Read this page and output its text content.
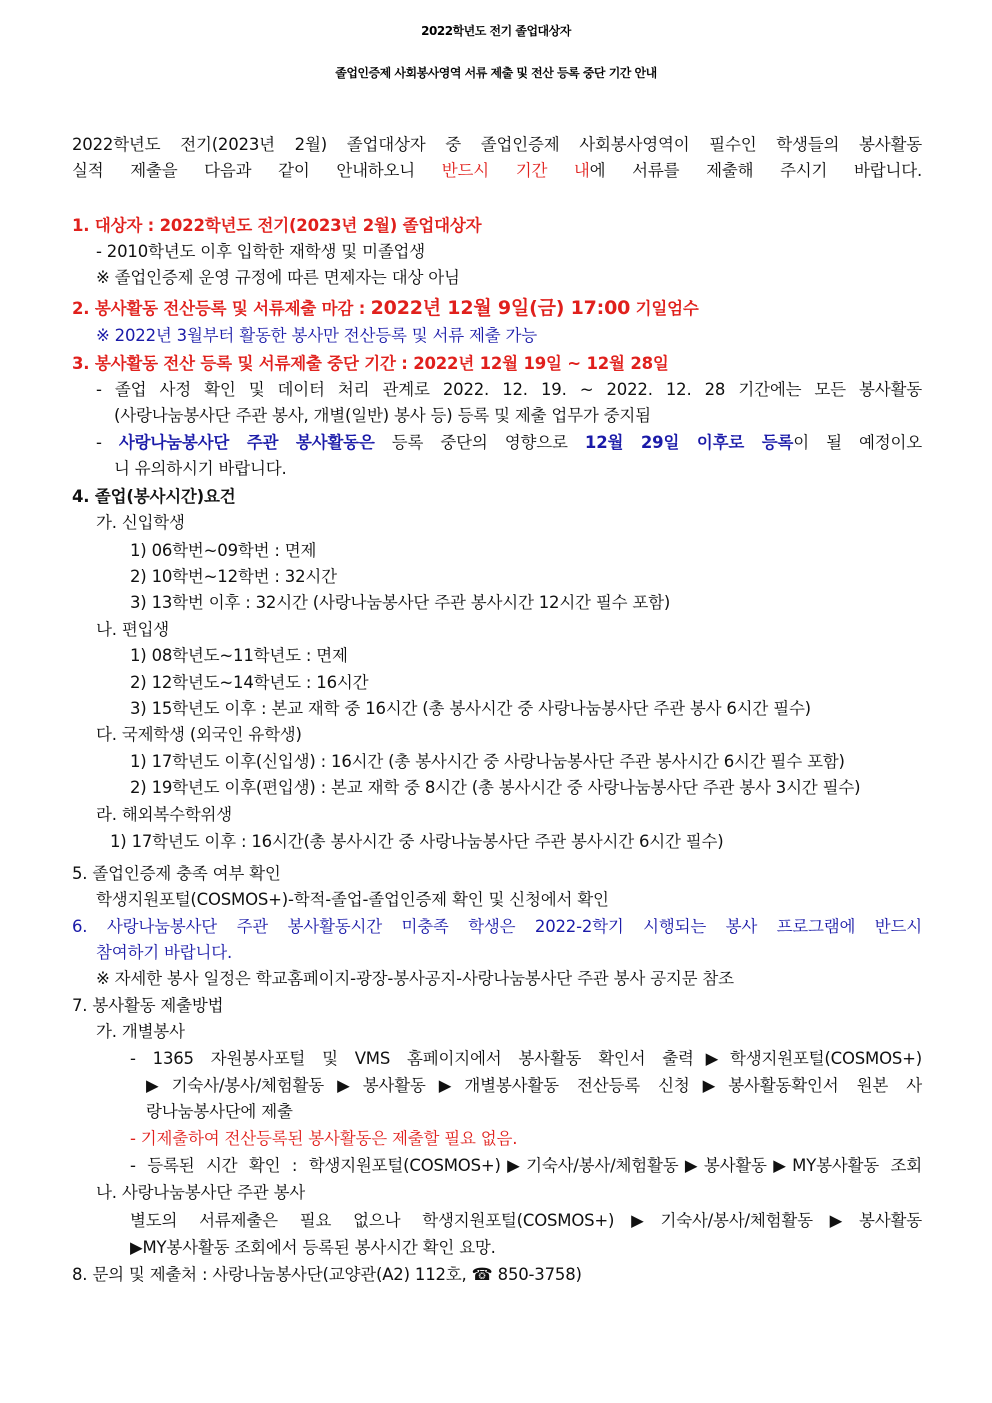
2022학년도 전기 졸업대상자
졸업인증제 사회봉사영역 서류 제출 및 전산 등록 중단 기간 안내
2022학년도 전기(2023년 2월) 졸업대상자 중 졸업인증제 사회봉사영역이 필수인 학생들의 봉사활동
실적 제출을 다음과 같이 안내하오니 반드시 기간 내에 서류를 제출해 주시기 바랍니다.
1. 대상자 : 2022학년도 전기(2023년 2월) 졸업대상자
- 2010학년도 이후 입학한 재학생 및 미졸업생
※ 졸업인증제 운영 규정에 따른 면제자는 대상 아님
2. 봉사활동 전산등록 및 서류제출 마감 : 2022년 12월 9일(금) 17:00 기일엄수
※ 2022년 3월부터 활동한 봉사만 전산등록 및 서류 제출 가능
3. 봉사활동 전산 등록 및 서류제출 중단 기간 : 2022년 12월 19일 ~ 12월 28일
- 졸업 사정 확인 및 데이터 처리 관계로 2022. 12. 19. ~ 2022. 12. 28 기간에는 모든 봉사활동
(사랑나눔봉사단 주관 봉사, 개별(일반) 봉사 등) 등록 및 제출 업무가 중지됨
- 사랑나눔봉사단 주관 봉사활동은 등록 중단의 영향으로 12월 29일 이후로 등록이 될 예정이오
니 유의하시기 바랍니다.
4. 졸업(봉사시간)요건
가. 신입학생
1) 06학번~09학번 : 면제
2) 10학번~12학번 : 32시간
3) 13학번 이후 : 32시간 (사랑나눔봉사단 주관 봉사시간 12시간 필수 포함)
나. 편입생
1) 08학년도~11학년도 : 면제
2) 12학년도~14학년도 : 16시간
3) 15학년도 이후 : 본교 재학 중 16시간 (총 봉사시간 중 사랑나눔봉사단 주관 봉사 6시간 필수)
다. 국제학생 (외국인 유학생)
1) 17학년도 이후(신입생) : 16시간 (총 봉사시간 중 사랑나눔봉사단 주관 봉사시간 6시간 필수 포함)
2) 19학년도 이후(편입생) : 본교 재학 중 8시간 (총 봉사시간 중 사랑나눔봉사단 주관 봉사 3시간 필수)
라. 해외복수학위생
1) 17학년도 이후 : 16시간(총 봉사시간 중 사랑나눔봉사단 주관 봉사시간 6시간 필수)
5. 졸업인증제 충족 여부 확인
학생지원포털(COSMOS+)-학적-졸업-졸업인증제 확인 및 신청에서 확인
6. 사랑나눔봉사단 주관 봉사활동시간 미충족 학생은 2022-2학기 시행되는 봉사 프로그램에 반드시
참여하기 바랍니다.
※ 자세한 봉사 일정은 학교홈페이지-광장-봉사공지-사랑나눔봉사단 주관 봉사 공지문 참조
7. 봉사활동 제출방법
가. 개별봉사
- 1365 자원봉사포털 및 VMS 홈페이지에서 봉사활동 확인서 출력▶학생지원포털(COSMOS+)
▶기숙사/봉사/체험활동▶봉사활동▶개별봉사활동 전산등록 신청▶봉사활동확인서 원본 사
랑나눔봉사단에 제출
- 기제출하여 전산등록된 봉사활동은 제출할 필요 없음.
- 등록된 시간 확인 : 학생지원포털(COSMOS+)▶기숙사/봉사/체험활동▶봉사활동▶MY봉사활동 조회
나. 사랑나눔봉사단 주관 봉사
별도의 서류제출은 필요 없으나 학생지원포털(COSMOS+)▶기숙사/봉사/체험활동▶봉사활동
▶MY봉사활동 조회에서 등록된 봉사시간 확인 요망.
8. 문의 및 제출처 : 사랑나눔봉사단(교양관(A2) 112호, ☎ 850-3758)
